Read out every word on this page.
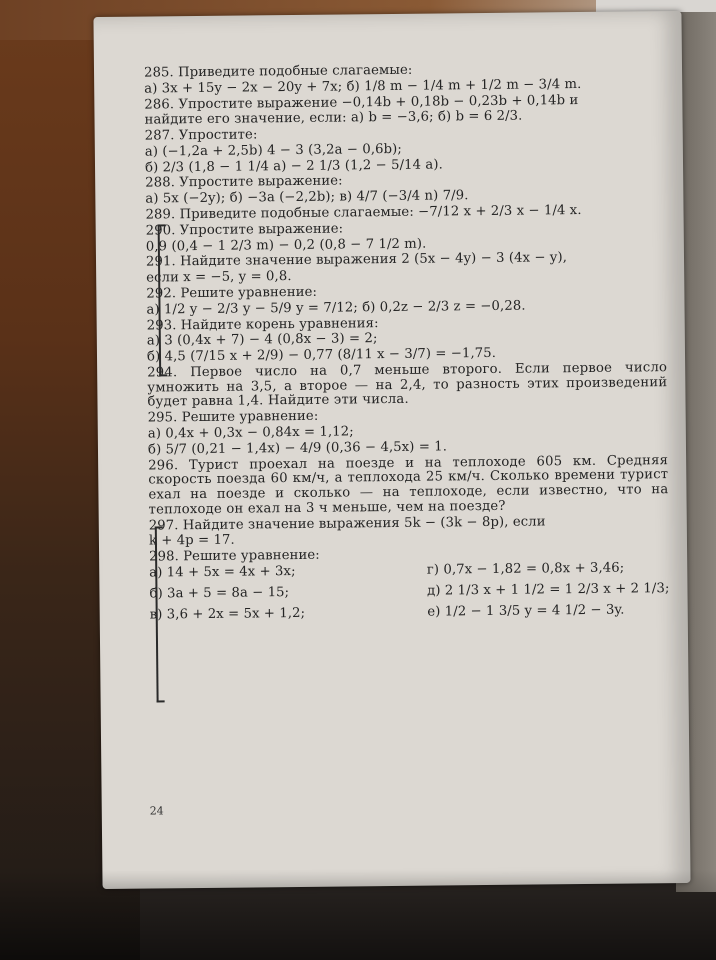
285. Приведите подобные слагаемые:
а) 3x + 15y − 2x − 20y + 7x; б) 1/8 m − 1/4 m + 1/2 m − 3/4 m.
286. Упростите выражение −0,14b + 0,18b − 0,23b + 0,14b и
найдите его значение, если: а) b = −3,6; б) b = 6 2/3.
287. Упростите:
а) (−1,2a + 2,5b) 4 − 3 (3,2a − 0,6b);
б) 2/3 (1,8 − 1 1/4 a) − 2 1/3 (1,2 − 5/14 a).
288. Упростите выражение:
а) 5x (−2y); б) −3a (−2,2b); в) 4/7 (−3/4 n) 7/9.
289. Приведите подобные слагаемые: −7/12 x + 2/3 x − 1/4 x.
290. Упростите выражение:
0,9 (0,4 − 1 2/3 m) − 0,2 (0,8 − 7 1/2 m).
291. Найдите значение выражения 2 (5x − 4y) − 3 (4x − y),
если x = −5, y = 0,8.
292. Решите уравнение:
а) 1/2 y − 2/3 y − 5/9 y = 7/12; б) 0,2z − 2/3 z = −0,28.
293. Найдите корень уравнения:
а) 3 (0,4x + 7) − 4 (0,8x − 3) = 2;
б) 4,5 (7/15 x + 2/9) − 0,77 (8/11 x − 3/7) = −1,75.
294. Первое число на 0,7 меньше второго. Если первое число умножить на 3,5, а второе — на 2,4, то разность этих произведений будет равна 1,4. Найдите эти числа.
295. Решите уравнение:
а) 0,4x + 0,3x − 0,84x = 1,12;
б) 5/7 (0,21 − 1,4x) − 4/9 (0,36 − 4,5x) = 1.
296. Турист проехал на поезде и на теплоходе 605 км. Средняя скорость поезда 60 км/ч, а теплохода 25 км/ч. Сколько времени турист ехал на поезде и сколько — на теплоходе, если известно, что на теплоходе он ехал на 3 ч меньше, чем на поезде?
297. Найдите значение выражения 5k − (3k − 8p), если
k + 4p = 17.
298. Решите уравнение:
а) 14 + 5x = 4x + 3x;
б) 3a + 5 = 8a − 15;
в) 3,6 + 2x = 5x + 1,2;
г) 0,7x − 1,82 = 0,8x + 3,46;
д) 2 1/3 x + 1 1/2 = 1 2/3 x + 2 1/3;
е) 1/2 − 1 3/5 y = 4 1/2 − 3y.
24
